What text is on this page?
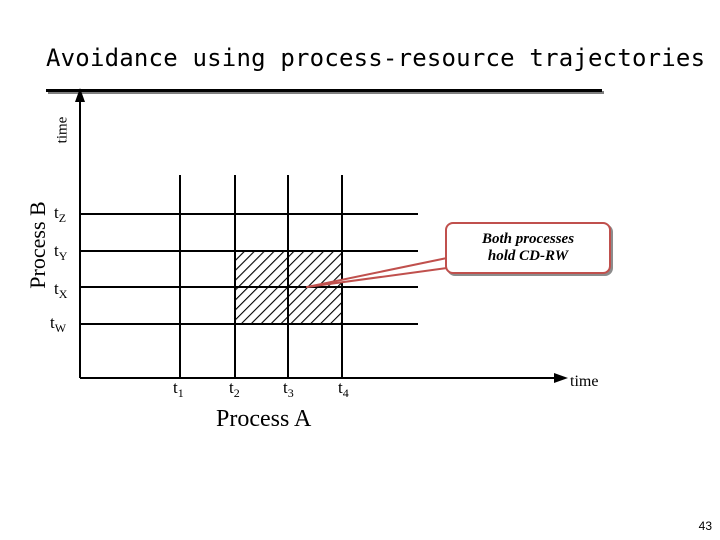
Avoidance using process-resource trajectories
Process B
time
$t_Z$
$t_Y$
$t_X$
$t_W$
$t_1$	$t_2$	$t_3$	$t_4$
Process A
time
Both processes
hold CD-RW
43
